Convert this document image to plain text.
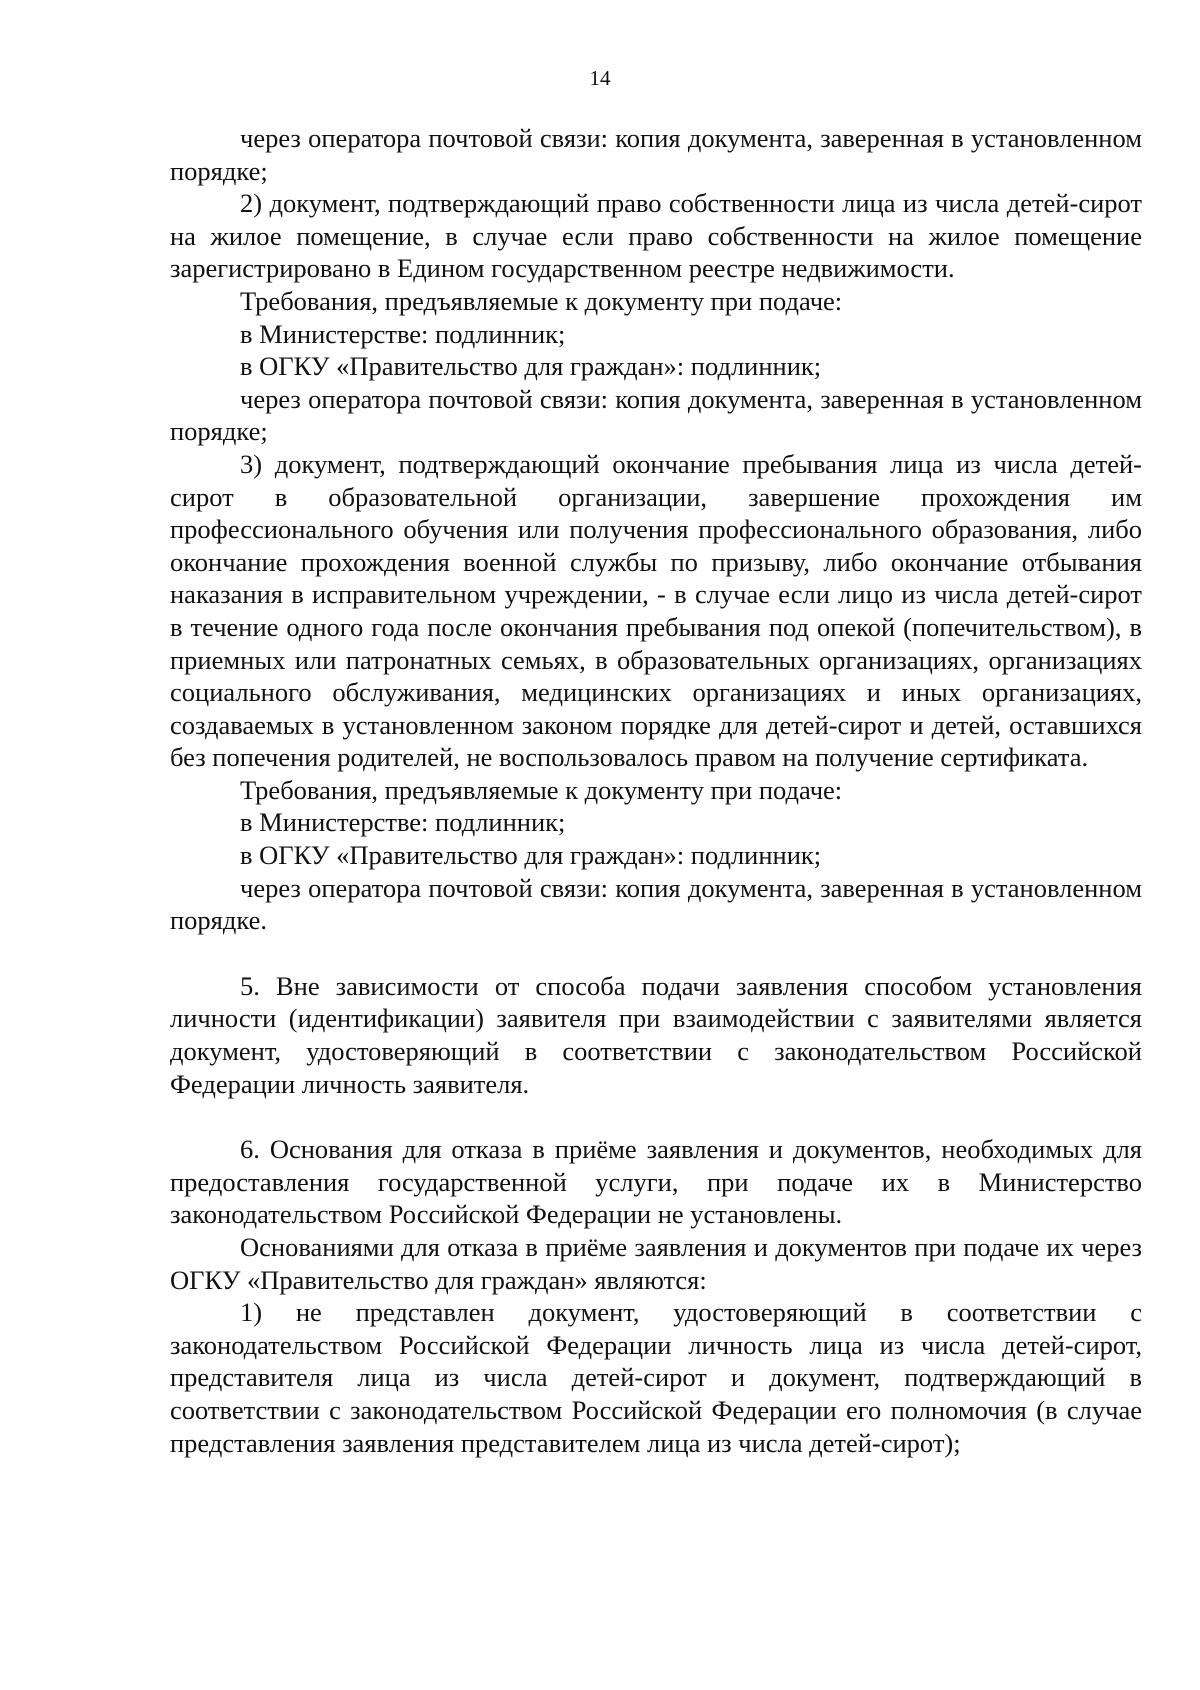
14

через оператора почтовой связи: копия документа, заверенная в установленном порядке;

2) документ, подтверждающий право собственности лица из числа детей-сирот на жилое помещение, в случае если право собственности на жилое помещение зарегистрировано в Едином государственном реестре недвижимости.

Требования, предъявляемые к документу при подаче:

в Министерстве: подлинник;

в ОГКУ «Правительство для граждан»: подлинник;

через оператора почтовой связи: копия документа, заверенная в установленном порядке;

3) документ, подтверждающий окончание пребывания лица из числа детей-сирот в образовательной организации, завершение прохождения им профессионального обучения или получения профессионального образования, либо окончание прохождения военной службы по призыву, либо окончание отбывания наказания в исправительном учреждении, - в случае если лицо из числа детей-сирот в течение одного года после окончания пребывания под опекой (попечительством), в приемных или патронатных семьях, в образовательных организациях, организациях социального обслуживания, медицинских организациях и иных организациях, создаваемых в установленном законом порядке для детей-сирот и детей, оставшихся без попечения родителей, не воспользовалось правом на получение сертификата.

Требования, предъявляемые к документу при подаче:

в Министерстве: подлинник;

в ОГКУ «Правительство для граждан»: подлинник;

через оператора почтовой связи: копия документа, заверенная в установленном порядке.

5. Вне зависимости от способа подачи заявления способом установления личности (идентификации) заявителя при взаимодействии с заявителями является документ, удостоверяющий в соответствии с законодательством Российской Федерации личность заявителя.

6. Основания для отказа в приёме заявления и документов, необходимых для предоставления государственной услуги, при подаче их в Министерство законодательством Российской Федерации не установлены.

Основаниями для отказа в приёме заявления и документов при подаче их через ОГКУ «Правительство для граждан» являются:

1) не представлен документ, удостоверяющий в соответствии с законодательством Российской Федерации личность лица из числа детей-сирот, представителя лица из числа детей-сирот и документ, подтверждающий в соответствии с законодательством Российской Федерации его полномочия (в случае представления заявления представителем лица из числа детей-сирот);
